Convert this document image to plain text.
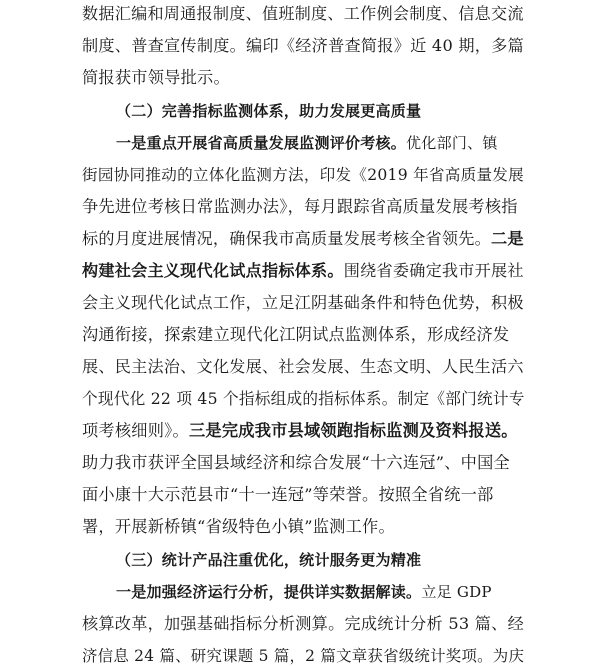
数据汇编和周通报制度、值班制度、工作例会制度、信息交流
制度、普查宣传制度。编印《经济普查简报》近 40 期，多篇
简报获市领导批示。
（二）完善指标监测体系，助力发展更高质量
一是重点开展省高质量发展监测评价考核。优化部门、镇
街园协同推动的立体化监测方法，印发《2019 年省高质量发展
争先进位考核日常监测办法》，每月跟踪省高质量发展考核指
标的月度进展情况，确保我市高质量发展考核全省领先。二是
构建社会主义现代化试点指标体系。围绕省委确定我市开展社
会主义现代化试点工作，立足江阴基础条件和特色优势，积极
沟通衔接，探索建立现代化江阴试点监测体系，形成经济发
展、民主法治、文化发展、社会发展、生态文明、人民生活六
个现代化 22 项 45 个指标组成的指标体系。制定《部门统计专
项考核细则》。三是完成我市县域领跑指标监测及资料报送。
助力我市获评全国县域经济和综合发展“十六连冠”、中国全
面小康十大示范县市“十一连冠”等荣誉。按照全省统一部
署，开展新桥镇“省级特色小镇”监测工作。
（三）统计产品注重优化，统计服务更为精准
一是加强经济运行分析，提供详实数据解读。立足 GDP
核算改革，加强基础指标分析测算。完成统计分析 53 篇、经
济信息 24 篇、研究课题 5 篇，2 篇文章获省级统计奖项。为庆
